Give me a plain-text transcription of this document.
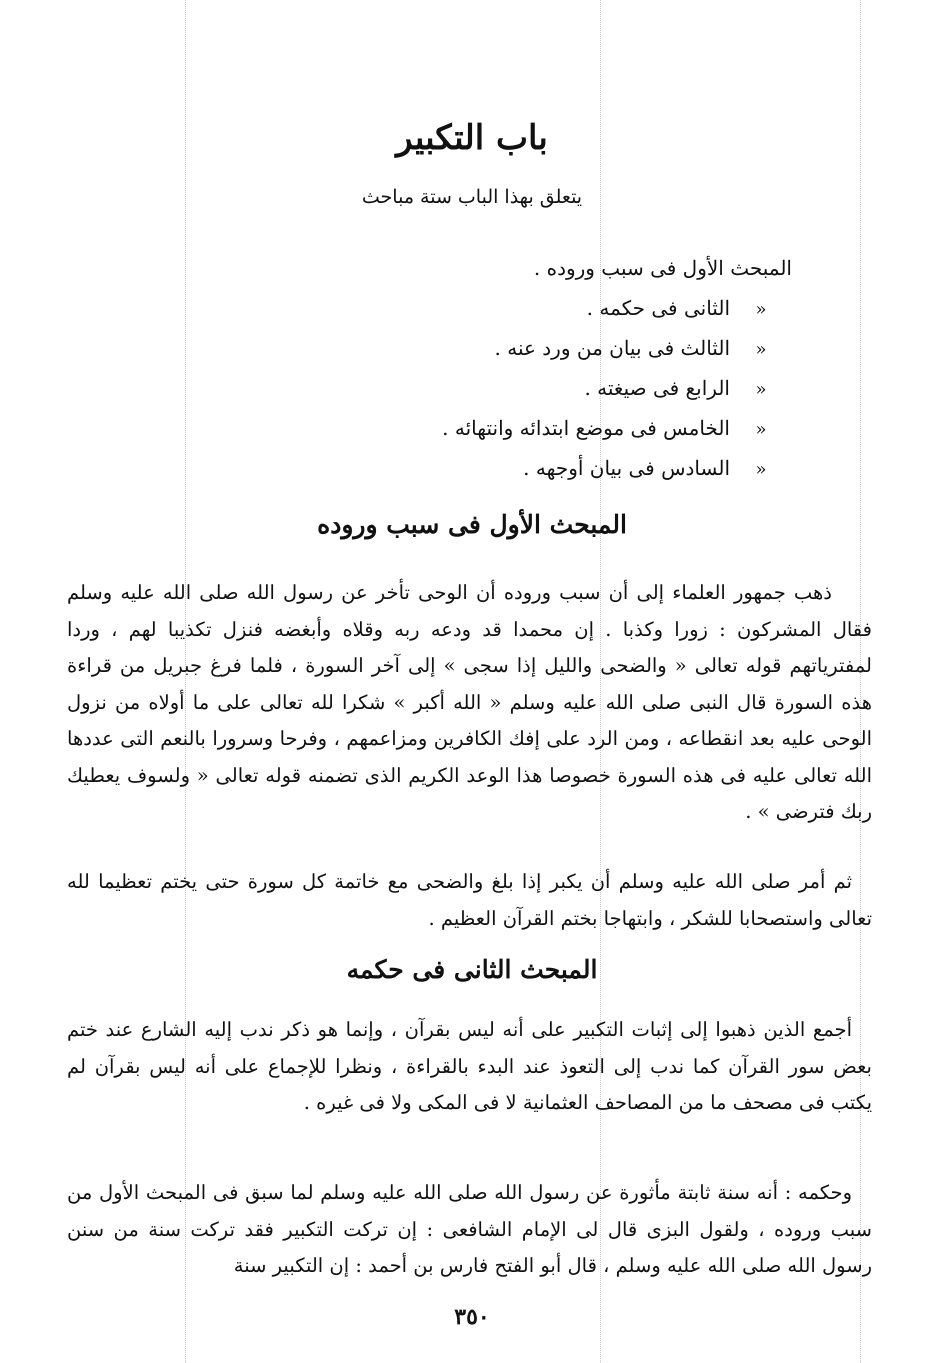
باب التكبير

يتعلق بهذا الباب ستة مباحث

المبحث الأول فى سبب وروده .
«الثانى فى حكمه .
«الثالث فى بيان من ورد عنه .
«الرابع فى صيغته .
«الخامس فى موضع ابتدائه وانتهائه .
«السادس فى بيان أوجهه .
المبحث الأول فى سبب وروده

ذهب جمهور العلماء إلى أن سبب وروده أن الوحى تأخر عن رسول الله صلى الله عليه وسلم فقال المشركون : زورا وكذبا . إن محمدا قد ودعه ربه وقلاه وأبغضه فنزل تكذيبا لهم ، وردا لمفترياتهم قوله تعالى « والضحى والليل إذا سجى » إلى آخر السورة ، فلما فرغ جبريل من قراءة هذه السورة قال النبى صلى الله عليه وسلم « الله أكبر » شكرا لله تعالى على ما أولاه من نزول الوحى عليه بعد انقطاعه ، ومن الرد على إفك الكافرين ومزاعمهم ، وفرحا وسرورا بالنعم التى عددها الله تعالى عليه فى هذه السورة خصوصا هذا الوعد الكريم الذى تضمنه قوله تعالى « ولسوف يعطيك ربك فترضى » .

ثم أمر صلى الله عليه وسلم أن يكبر إذا بلغ والضحى مع خاتمة كل سورة حتى يختم تعظيما لله تعالى واستصحابا للشكر ، وابتهاجا بختم القرآن العظيم .

المبحث الثانى فى حكمه

أجمع الذين ذهبوا إلى إثبات التكبير على أنه ليس بقرآن ، وإنما هو ذكر ندب إليه الشارع عند ختم بعض سور القرآن كما ندب إلى التعوذ عند البدء بالقراءة ، ونظرا للإجماع على أنه ليس بقرآن لم يكتب فى مصحف ما من المصاحف العثمانية لا فى المكى ولا فى غيره .

وحكمه : أنه سنة ثابتة مأثورة عن رسول الله صلى الله عليه وسلم لما سبق فى المبحث الأول من سبب وروده ، ولقول البزى قال لى الإمام الشافعى : إن تركت التكبير فقد تركت سنة من سنن رسول الله صلى الله عليه وسلم ، قال أبو الفتح فارس بن أحمد : إن التكبير سنة

٣٥٠
